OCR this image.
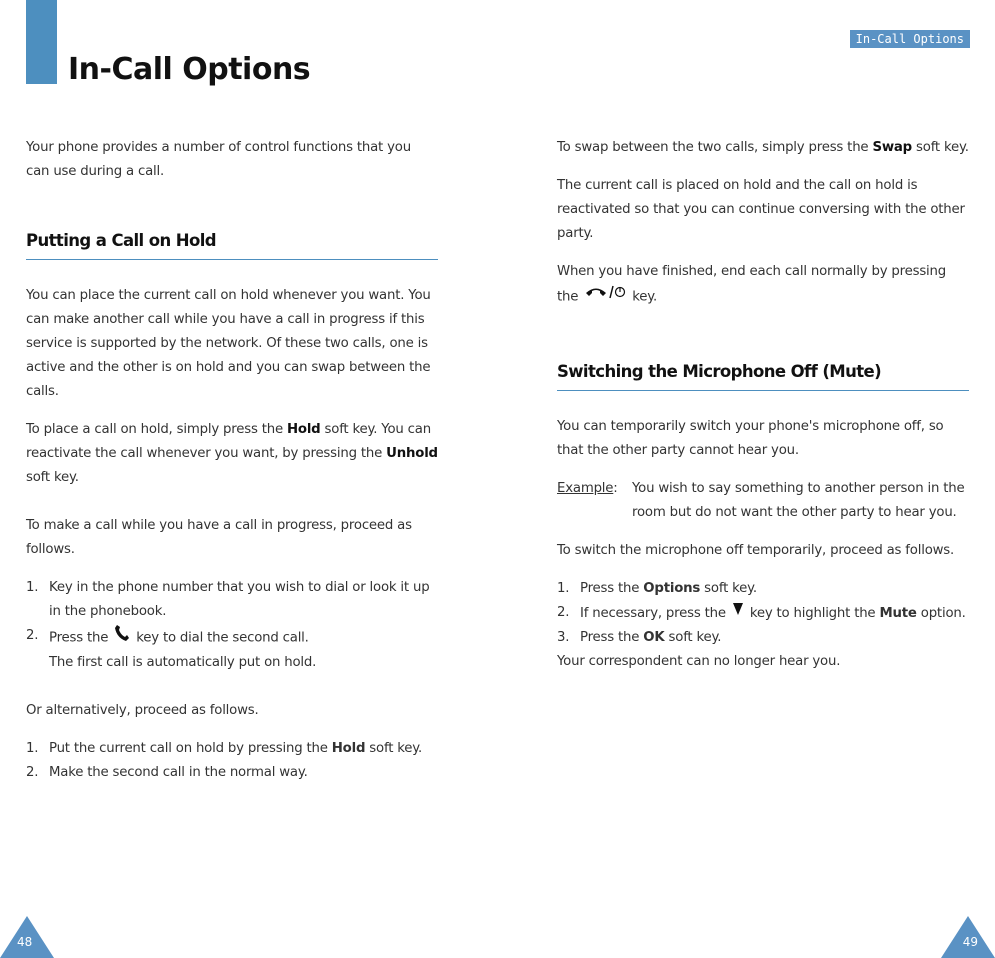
In-Call Options
In-Call Options

Your phone provides a number of control functions that you can use during a call.

Putting a Call on Hold

You can place the current call on hold whenever you want. You can make another call while you have a call in progress if this service is supported by the network. Of these two calls, one is active and the other is on hold and you can swap between the calls.

To place a call on hold, simply press the Hold soft key. You can reactivate the call whenever you want, by pressing the Unhold soft key.

To make a call while you have a call in progress, proceed as follows.

1. Key in the phone number that you wish to dial or look it up in the phonebook.
2. Press the key to dial the second call.
The first call is automatically put on hold.

Or alternatively, proceed as follows.

1. Put the current call on hold by pressing the Hold soft key.
2. Make the second call in the normal way.

To swap between the two calls, simply press the Swap soft key.

The current call is placed on hold and the call on hold is reactivated so that you can continue conversing with the other party.

When you have finished, end each call normally by pressing the	key.

Switching the Microphone Off (Mute)

You can temporarily switch your phone's microphone off, so that the other party cannot hear you.

Example:	You wish to say something to another person in the room but do not want the other party to hear you.

To switch the microphone off temporarily, proceed as follows.

1. Press the Options soft key.
2. If necessary, press the key to highlight the Mute option.
3. Press the OK soft key.

Your correspondent can no longer hear you.

48	49
